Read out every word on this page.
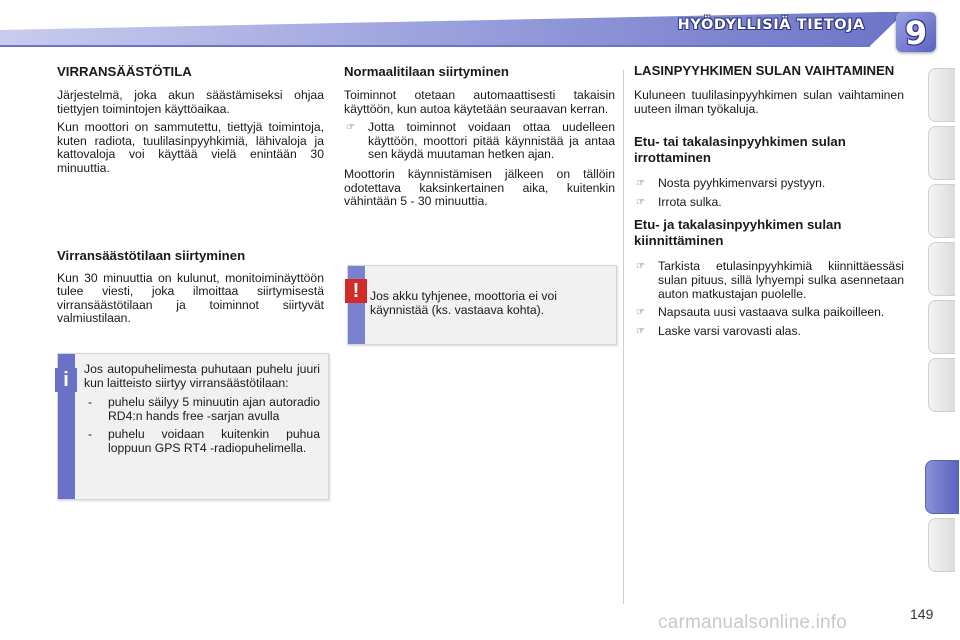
HYÖDYLLISIÄ TIETOJA 9
VIRRANSÄÄSTÖTILA

Järjestelmä, joka akun säästämiseksi ohjaa tiettyjen toimintojen käyttöaikaa.

Kun moottori on sammutettu, tiettyjä toimintoja, kuten radiota, tuulilasinpyyhkimiä, lähivaloja ja kattovaloja voi käyttää vielä enintään 30 minuuttia.

Virransäästötilaan siirtyminen

Kun 30 minuuttia on kulunut, monitoiminäyttöön tulee viesti, joka ilmoittaa siirtymisestä virransäästötilaan ja toiminnot siirtyvät valmiustilaan.

i	Jos autopuhelimesta puhutaan puhelu juuri kun laitteisto siirtyy virransäästötilaan:

- puhelu säilyy 5 minuutin ajan autoradio RD4:n hands free -sarjan avulla
- puhelu voidaan kuitenkin puhua loppuun GPS RT4 -radiopuhelimella.
Normaalitilaan siirtyminen

Toiminnot otetaan automaattisesti takaisin käyttöön, kun autoa käytetään seuraavan kerran.

☞ Jotta toiminnot voidaan ottaa uudelleen käyttöön, moottori pitää käynnistää ja antaa sen käydä muutaman hetken ajan.

Moottorin käynnistämisen jälkeen on tällöin odotettava kaksinkertainen aika, kuitenkin vähintään 5 - 30 minuuttia.

! Jos akku tyhjenee, moottoria ei voi käynnistää (ks. vastaava kohta).
LASINPYYHKIMEN SULAN VAIHTAMINEN

Kuluneen tuulilasinpyyhkimen sulan vaihtaminen uuteen ilman työkaluja.

Etu- tai takalasinpyyhkimen sulan irrottaminen
☞ Nosta pyyhkimenvarsi pystyyn.
☞ Irrota sulka.
Etu- ja takalasinpyyhkimen sulan kiinnittäminen
☞ Tarkista etulasinpyyhkimiä kiinnittäessäsi sulan pituus, sillä lyhyempi sulka asennetaan auton matkustajan puolelle.
☞ Napsauta uusi vastaava sulka paikoilleen.
☞ Laske varsi varovasti alas.
149
carmanualsonline.info
